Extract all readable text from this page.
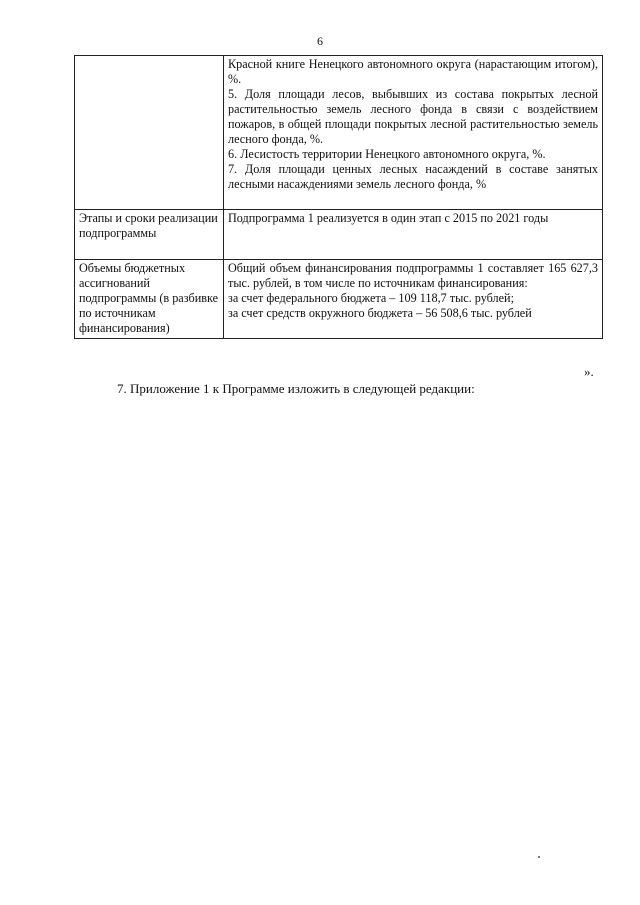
6

	Красной книге Ненецкого автономного округа (нарастающим итогом), %.
5. Доля площади лесов, выбывших из состава покрытых лесной растительностью земель лесного фонда в связи с воздействием пожаров, в общей площади покрытых лесной растительностью земель лесного фонда, %.
6. Лесистость территории Ненецкого автономного округа, %.
7. Доля площади ценных лесных насаждений в составе занятых лесными насаждениями земель лесного фонда, %

Этапы и сроки реализации подпрограммы	Подпрограмма 1 реализуется в один этап с 2015 по 2021 годы
Объемы бюджетных ассигнований подпрограммы (в разбивке по источникам финансирования)	Общий объем финансирования подпрограммы 1 составляет 165 627,3 тыс. рублей, в том числе по источникам финансирования:
за счет федерального бюджета – 109 118,7 тыс. рублей;
за счет средств окружного бюджета – 56 508,6 тыс. рублей
».
7. Приложение 1 к Программе изложить в следующей редакции:
